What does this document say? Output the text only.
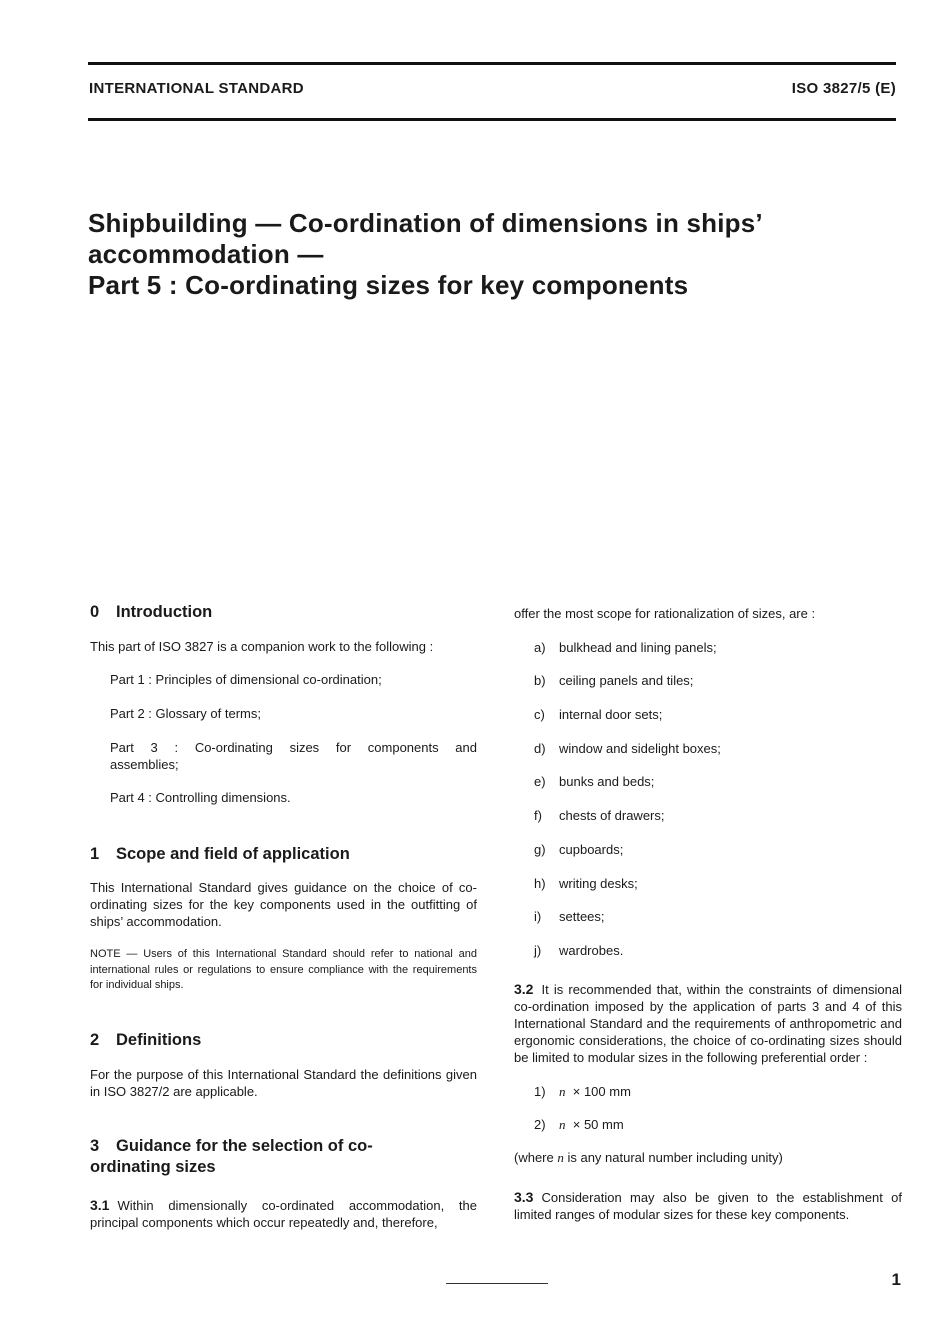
INTERNATIONAL STANDARD	ISO 3827/5 (E)
Shipbuilding — Co-ordination of dimensions in ships’
accommodation —
Part 5 : Co-ordinating sizes for key components
0 Introduction

This part of ISO 3827 is a companion work to the following :

Part 1 : Principles of dimensional co-ordination;

Part 2 : Glossary of terms;

Part 3 : Co-ordinating sizes for components and assemblies;

Part 4 : Controlling dimensions.

1 Scope and field of application

This International Standard gives guidance on the choice of co-ordinating sizes for the key components used in the outfitting of ships’ accommodation.

NOTE — Users of this International Standard should refer to national and international rules or regulations to ensure compliance with the requirements for individual ships.

2 Definitions

For the purpose of this International Standard the definitions given in ISO 3827/2 are applicable.

3 Guidance for the selection of co-
ordinating sizes

3.1 Within dimensionally co-ordinated accommodation, the principal components which occur repeatedly and, therefore,

offer the most scope for rationalization of sizes, are :

a) bulkhead and lining panels;

b) ceiling panels and tiles;

c) internal door sets;

d) window and sidelight boxes;

e) bunks and beds;

f) chests of drawers;

g) cupboards;

h) writing desks;

i) settees;

j) wardrobes.

3.2 It is recommended that, within the constraints of dimensional co-ordination imposed by the application of parts 3 and 4 of this International Standard and the requirements of anthropometric and ergonomic considerations, the choice of co-ordinating sizes should be limited to modular sizes in the following preferential order :

1) n × 100 mm

2) n × 50 mm

(where n is any natural number including unity)

3.3 Consideration may also be given to the establishment of limited ranges of modular sizes for these key components.

1
